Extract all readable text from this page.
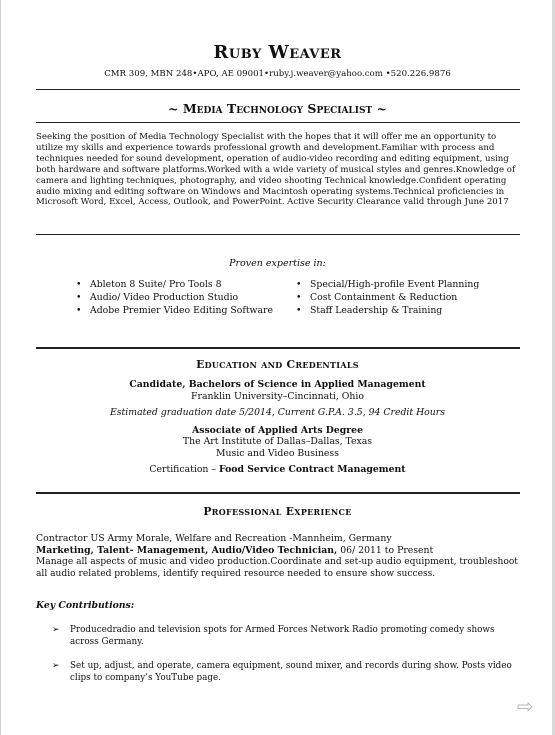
Ruby Weaver
CMR 309, MBN 248•APO, AE 09001•ruby.j.weaver@yahoo.com •520.226.9876
~ Media Technology Specialist ~

Seeking the position of Media Technology Specialist with the hopes that it will offer me an opportunity to utilize my skills and experience towards professional growth and development.Familiar with process and techniques needed for sound development, operation of audio-video recording and editing equipment, using both hardware and software platforms.Worked with a wide variety of musical styles and genres.Knowledge of camera and lighting techniques, photography, and video shooting Technical knowledge.Confident operating audio mixing and editing software on Windows and Macintosh operating systems.Technical proficiencies in Microsoft Word, Excel, Access, Outlook, and PowerPoint. Active Security Clearance valid through June 2017

Proven expertise in:
• Ableton 8 Suite/ Pro Tools 8
• Audio/ Video Production Studio
• Adobe Premier Video Editing Software
• Special/High-profile Event Planning
• Cost Containment & Reduction
• Staff Leadership & Training
Education and Credentials
Candidate, Bachelors of Science in Applied Management
Franklin University–Cincinnati, Ohio
Estimated graduation date 5/2014, Current G.P.A. 3.5, 94 Credit Hours
Associate of Applied Arts Degree
The Art Institute of Dallas–Dallas, Texas
Music and Video Business
Certification – Food Service Contract Management
Professional Experience
Contractor US Army Morale, Welfare and Recreation -Mannheim, Germany
Marketing, Talent- Management, Audio/Video Technician, 06/ 2011 to Present

Manage all aspects of music and video production.Coordinate and set-up audio equipment, troubleshoot all audio related problems, identify required resource needed to ensure show success.

Key Contributions:
➢ Producedradio and television spots for Armed Forces Network Radio promoting comedy shows across Germany.
➢ Set up, adjust, and operate, camera equipment, sound mixer, and records during show. Posts video clips to company’s YouTube page.
⇨
